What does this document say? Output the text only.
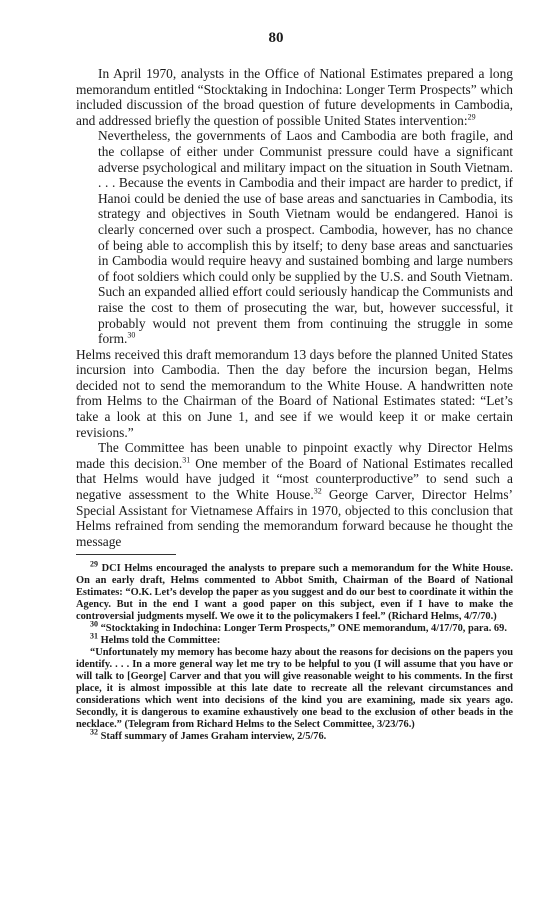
80

In April 1970, analysts in the Office of National Estimates prepared a long memorandum entitled “Stocktaking in Indochina: Longer Term Prospects” which included discussion of the broad question of future developments in Cambodia, and addressed briefly the question of possible United States intervention:$^{29}$

Nevertheless, the governments of Laos and Cambodia are both fragile, and the collapse of either under Communist pressure could have a significant adverse psychological and military impact on the situation in South Vietnam. . . . Because the events in Cambodia and their impact are harder to predict, if Hanoi could be denied the use of base areas and sanctuaries in Cambodia, its strategy and objectives in South Vietnam would be endangered. Hanoi is clearly concerned over such a prospect. Cambodia, however, has no chance of being able to accomplish this by itself; to deny base areas and sanctuaries in Cambodia would require heavy and sustained bombing and large numbers of foot soldiers which could only be supplied by the U.S. and South Vietnam. Such an expanded allied effort could seriously handicap the Communists and raise the cost to them of prosecuting the war, but, however successful, it probably would not prevent them from continuing the struggle in some form.$^{30}$

Helms received this draft memorandum 13 days before the planned United States incursion into Cambodia. Then the day before the incursion began, Helms decided not to send the memorandum to the White House. A handwritten note from Helms to the Chairman of the Board of National Estimates stated: “Let’s take a look at this on June 1, and see if we would keep it or make certain revisions.”

The Committee has been unable to pinpoint exactly why Director Helms made this decision.$^{31}$ One member of the Board of National Estimates recalled that Helms would have judged it “most counterproductive” to send such a negative assessment to the White House.$^{32}$ George Carver, Director Helms’ Special Assistant for Vietnamese Affairs in 1970, objected to this conclusion that Helms refrained from sending the memorandum forward because he thought the message

$^{29}$ DCI Helms encouraged the analysts to prepare such a memorandum for the White House. On an early draft, Helms commented to Abbot Smith, Chairman of the Board of National Estimates: “O.K. Let’s develop the paper as you suggest and do our best to coordinate it within the Agency. But in the end I want a good paper on this subject, even if I have to make the controversial judgments myself. We owe it to the policymakers I feel.” (Richard Helms, 4/7/70.)

$^{30}$ “Stocktaking in Indochina: Longer Term Prospects,” ONE memorandum, 4/17/70, para. 69.

$^{31}$ Helms told the Committee:

“Unfortunately my memory has become hazy about the reasons for decisions on the papers you identify. . . . In a more general way let me try to be helpful to you (I will assume that you have or will talk to [George] Carver and that you will give reasonable weight to his comments. In the first place, it is almost impossible at this late date to recreate all the relevant circumstances and considerations which went into decisions of the kind you are examining, made six years ago. Secondly, it is dangerous to examine exhaustively one bead to the exclusion of other beads in the necklace.” (Telegram from Richard Helms to the Select Committee, 3/23/76.)

$^{32}$ Staff summary of James Graham interview, 2/5/76.
